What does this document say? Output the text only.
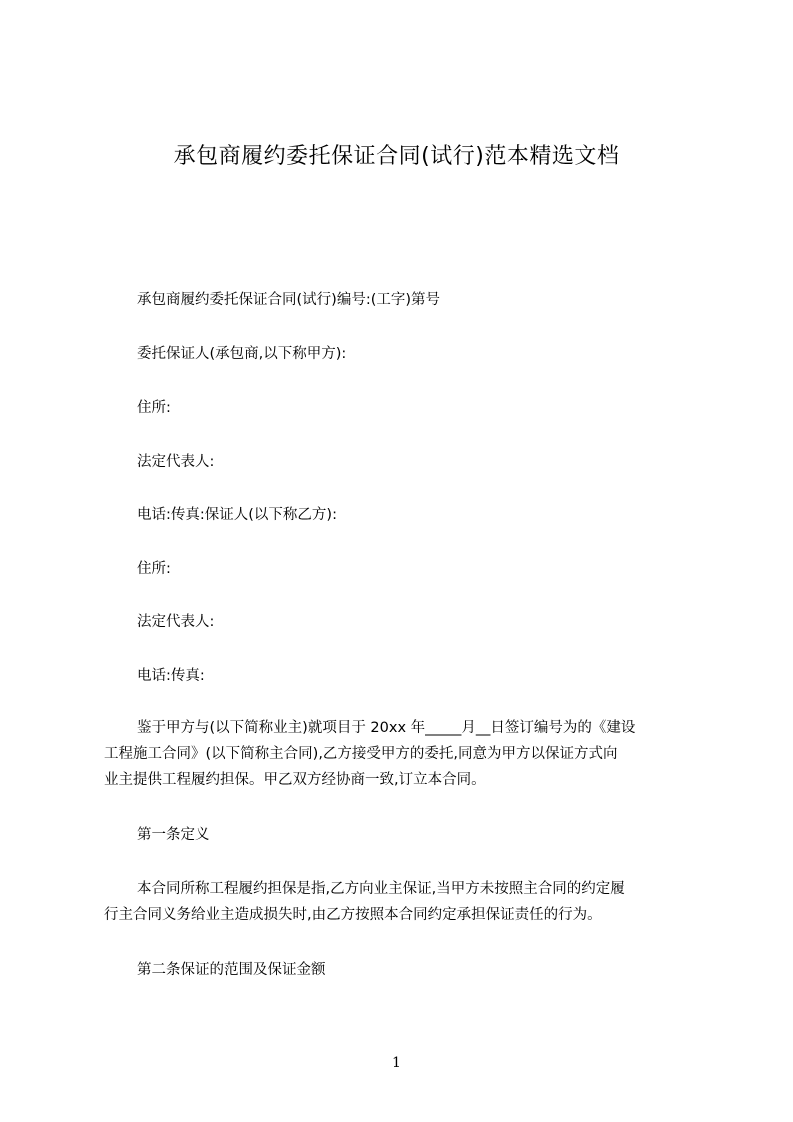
承包商履约委托保证合同(试行)范本精选文档
承包商履约委托保证合同(试行)编号:(工字)第号
委托保证人(承包商,以下称甲方):
住所:
法定代表人:
电话:传真:保证人(以下称乙方):
住所:
法定代表人:
电话:传真:
鉴于甲方与(以下简称业主)就项目于 20xx 年_____月__日签订编号为的《建设
工程施工合同》(以下简称主合同),乙方接受甲方的委托,同意为甲方以保证方式向
业主提供工程履约担保。甲乙双方经协商一致,订立本合同。
第一条定义
本合同所称工程履约担保是指,乙方向业主保证,当甲方未按照主合同的约定履
行主合同义务给业主造成损失时,由乙方按照本合同约定承担保证责任的行为。
第二条保证的范围及保证金额
1
